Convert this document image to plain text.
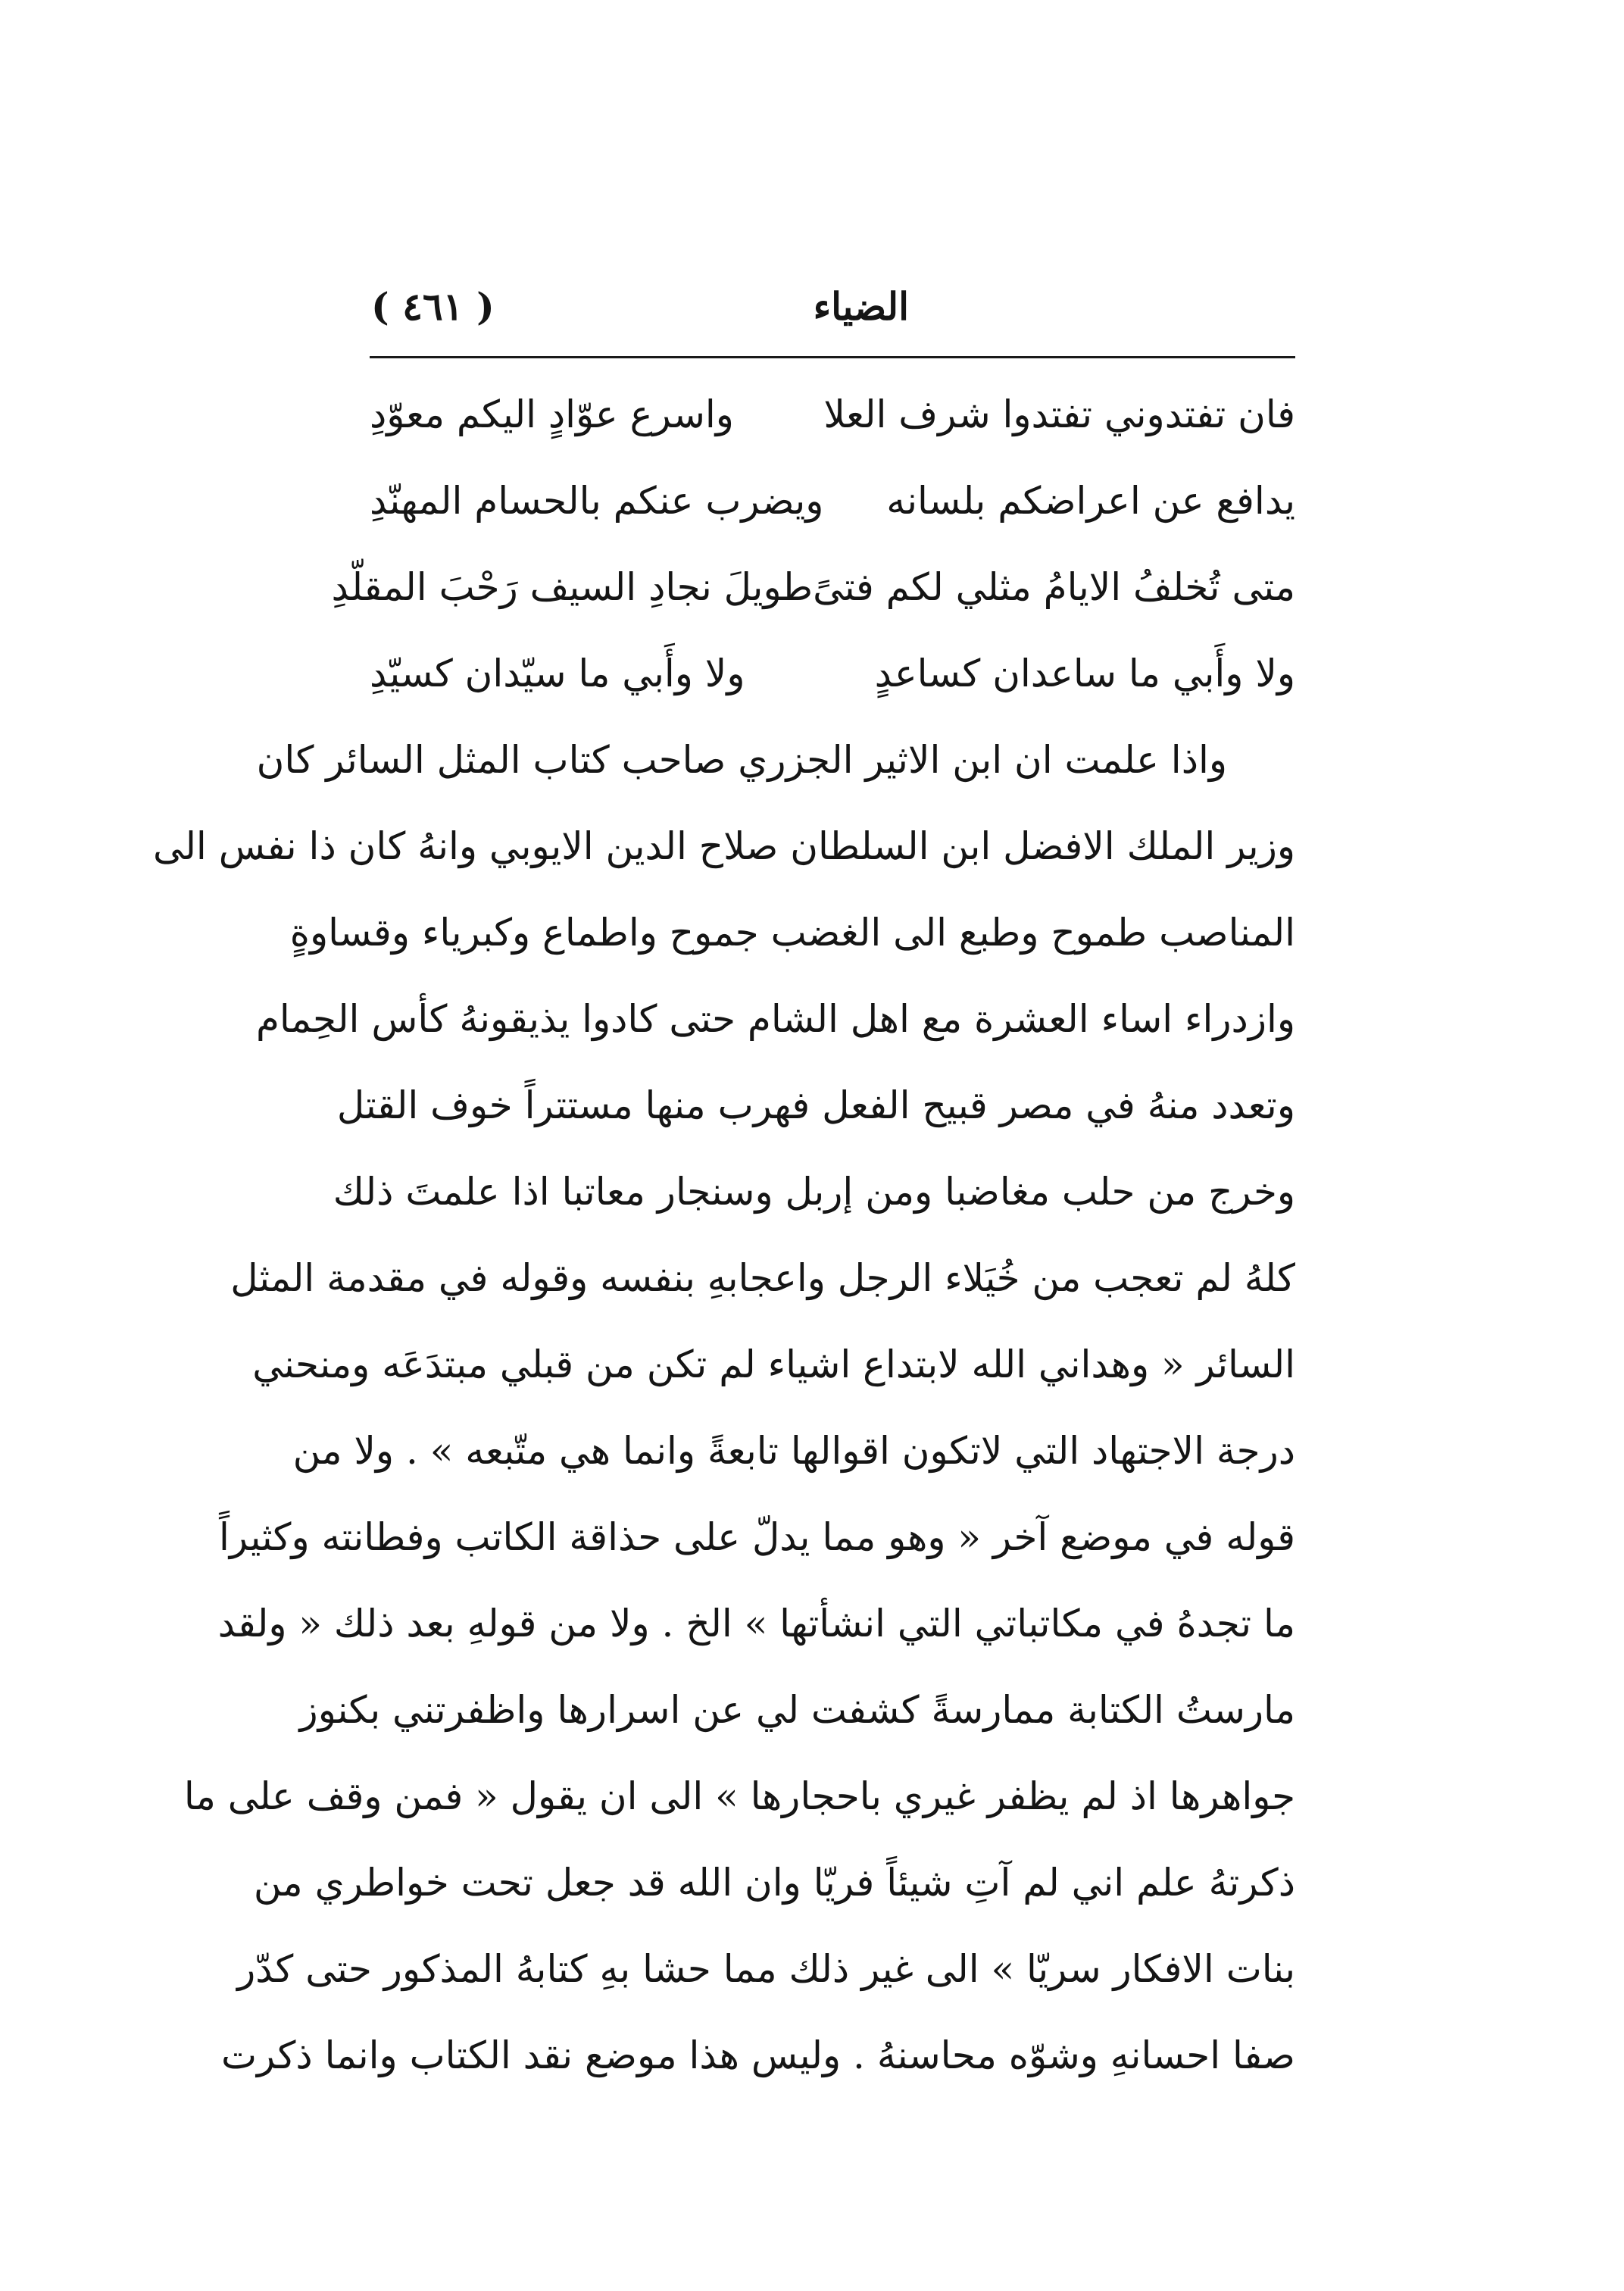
الضياء
( ٤٦١ )
فان تفتدوني تفتدوا شرف العلا
واسرع عوّادٍ اليكم معوّدِ
يدافع عن اعراضكم بلسانه
ويضرب عنكم بالحسام المهنّدِ
متى تُخلفُ الايامُ مثلي لكم فتىً
طويلَ نجادِ السيف رَحْبَ المقلّدِ
ولا وأَبي ما ساعدان كساعدٍ
ولا وأَبي ما سيّدان كسيّدِ
واذا علمت ان ابن الاثير الجزري صاحب كتاب المثل السائر كان
وزير الملك الافضل ابن السلطان صلاح الدين الايوبي وانهُ كان ذا نفس الى
المناصب طموح وطبع الى الغضب جموح واطماع وكبرياء وقساوةٍ
وازدراء اساء العشرة مع اهل الشام حتى كادوا يذيقونهُ كأس الحِمام
وتعدد منهُ في مصر قبيح الفعل فهرب منها مستتراً خوف القتل
وخرج من حلب مغاضبا ومن إربل وسنجار معاتبا اذا علمتَ ذلك
كلهُ لم تعجب من خُيَلاء الرجل واعجابهِ بنفسه وقوله في مقدمة المثل
السائر « وهداني الله لابتداع اشياء لم تكن من قبلي مبتدَعَه ومنحني
درجة الاجتهاد التي لاتكون اقوالها تابعةً وانما هي متّبعه » . ولا من
قوله في موضع آخر « وهو مما يدلّ على حذاقة الكاتب وفطانته وكثيراً
ما تجدهُ في مكاتباتي التي انشأتها » الخ . ولا من قولهِ بعد ذلك « ولقد
مارستُ الكتابة ممارسةً كشفت لي عن اسرارها واظفرتني بكنوز
جواهرها اذ لم يظفر غيري باحجارها » الى ان يقول « فمن وقف على ما
ذكرتهُ علم اني لم آتِ شيئاً فريّا وان الله قد جعل تحت خواطري من
بنات الافكار سريّا » الى غير ذلك مما حشا بهِ كتابهُ المذكور حتى كدّر
صفا احسانهِ وشوّه محاسنهُ . وليس هذا موضع نقد الكتاب وانما ذكرت
